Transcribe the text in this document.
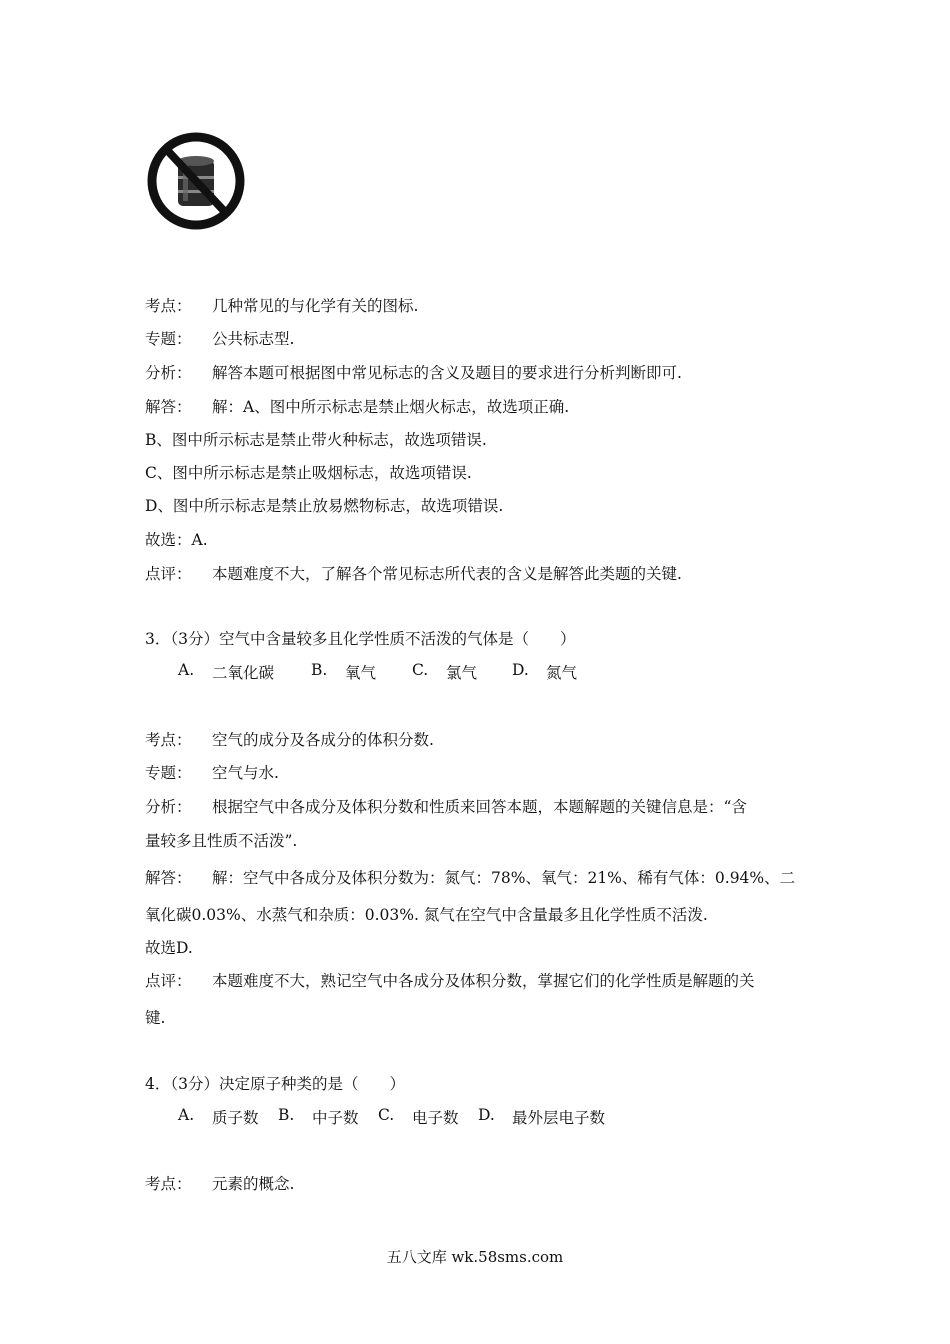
考点： 几种常见的与化学有关的图标.
专题： 公共标志型.
分析： 解答本题可根据图中常见标志的含义及题目的要求进行分析判断即可.
解答： 解：A、图中所示标志是禁止烟火标志，故选项正确.
B、图中所示标志是禁止带火种标志，故选项错误.
C、图中所示标志是禁止吸烟标志，故选项错误.
D、图中所示标志是禁止放易燃物标志，故选项错误.
故选：A.
点评： 本题难度不大，了解各个常见标志所代表的含义是解答此类题的关键.
3．（3分）空气中含量较多且化学性质不活泼的气体是（　　）
A. 二氧化碳 B. 氧气 C. 氯气 D. 氮气
考点： 空气的成分及各成分的体积分数.
专题： 空气与水.
分析： 根据空气中各成分及体积分数和性质来回答本题，本题解题的关键信息是：“含
量较多且性质不活泼”.
解答： 解：空气中各成分及体积分数为：氮气：78%、氧气：21%、稀有气体：0.94%、二
氧化碳0.03%、水蒸气和杂质：0.03%. 氮气在空气中含量最多且化学性质不活泼.
故选D.
点评： 本题难度不大，熟记空气中各成分及体积分数，掌握它们的化学性质是解题的关
键.
4．（3分）决定原子种类的是（　　）
A. 质子数 B. 中子数 C. 电子数 D. 最外层电子数
考点： 元素的概念.
五八文库 wk.58sms.com
